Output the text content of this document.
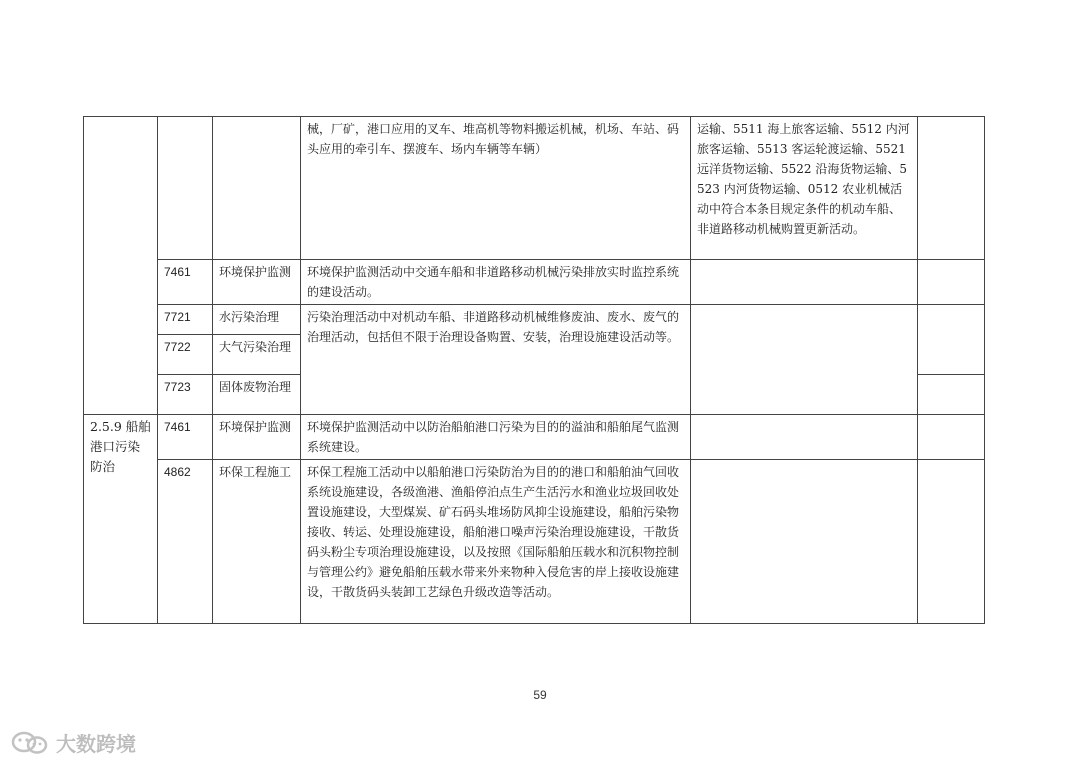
			械，厂矿，港口应用的叉车、堆高机等物料搬运机械，机场、车站、码头应用的牵引车、摆渡车、场内车辆等车辆）	运输、5511 海上旅客运输、5512 内河旅客运输、5513 客运轮渡运输、5521 远洋货物运输、5522 沿海货物运输、5523 内河货物运输、0512 农业机械活动中符合本条目规定条件的机动车船、非道路移动机械购置更新活动。	
	7461	环境保护监测	环境保护监测活动中交通车船和非道路移动机械污染排放实时监控系统的建设活动。		
	7721	水污染治理	污染治理活动中对机动车船、非道路移动机械维修废油、废水、废气的治理活动，包括但不限于治理设备购置、安装，治理设施建设活动等。		
	7722	大气污染治理			
	7723	固体废物治理			
2.5.9 船舶港口污染防治	7461	环境保护监测	环境保护监测活动中以防治船舶港口污染为目的的溢油和船舶尾气监测系统建设。		
	4862	环保工程施工	环保工程施工活动中以船舶港口污染防治为目的的港口和船舶油气回收系统设施建设，各级渔港、渔船停泊点生产生活污水和渔业垃圾回收处置设施建设，大型煤炭、矿石码头堆场防风抑尘设施建设，船舶污染物接收、转运、处理设施建设，船舶港口噪声污染治理设施建设，干散货码头粉尘专项治理设施建设，以及按照《国际船舶压载水和沉积物控制与管理公约》避免船舶压载水带来外来物种入侵危害的岸上接收设施建设，干散货码头装卸工艺绿色升级改造等活动。		
59
大数跨境
